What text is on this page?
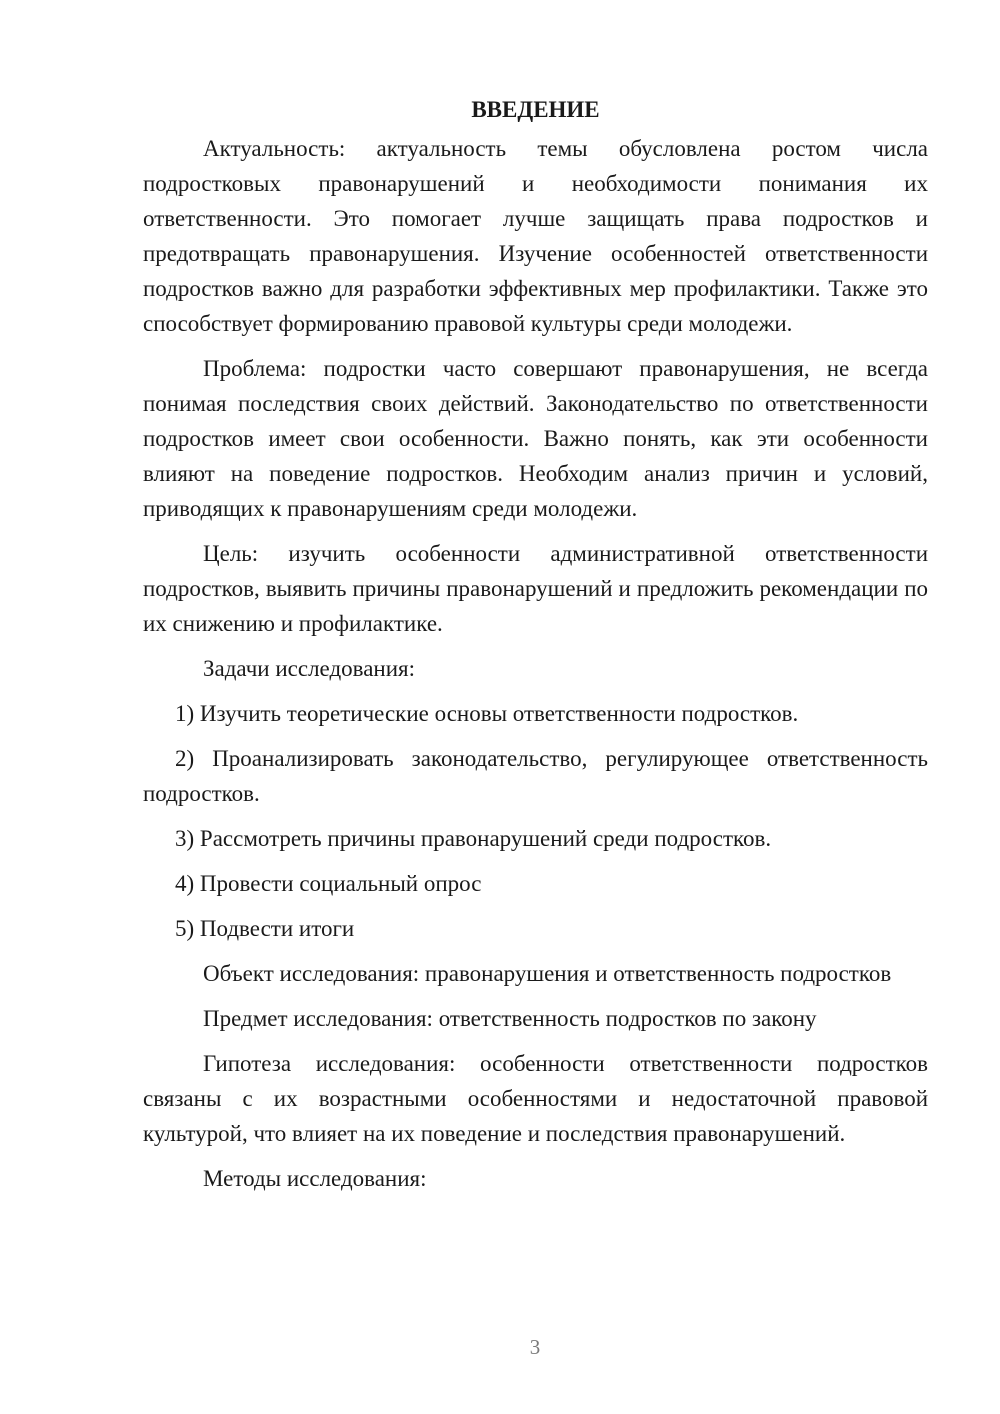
ВВЕДЕНИЕ

Актуальность: актуальность темы обусловлена ростом числа подростковых правонарушений и необходимости понимания их ответственности. Это помогает лучше защищать права подростков и предотвращать правонарушения. Изучение особенностей ответственности подростков важно для разработки эффективных мер профилактики. Также это способствует формированию правовой культуры среди молодежи.

Проблема: подростки часто совершают правонарушения, не всегда понимая последствия своих действий. Законодательство по ответственности подростков имеет свои особенности. Важно понять, как эти особенности влияют на поведение подростков. Необходим анализ причин и условий, приводящих к правонарушениям среди молодежи.

Цель: изучить особенности административной ответственности подростков, выявить причины правонарушений и предложить рекомендации по их снижению и профилактике.

Задачи исследования:

1) Изучить теоретические основы ответственности подростков.

2) Проанализировать законодательство, регулирующее ответственность подростков.

3) Рассмотреть причины правонарушений среди подростков.

4) Провести социальный опрос

5) Подвести итоги

Объект исследования: правонарушения и ответственность подростков

Предмет исследования: ответственность подростков по закону

Гипотеза исследования: особенности ответственности подростков связаны с их возрастными особенностями и недостаточной правовой культурой, что влияет на их поведение и последствия правонарушений.

Методы исследования:

3
